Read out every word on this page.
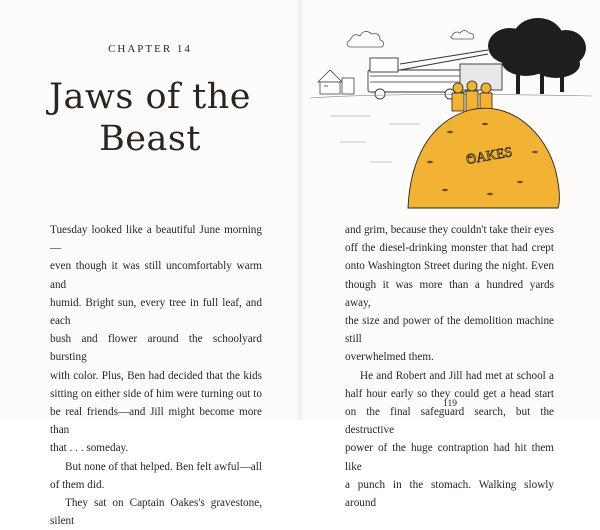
CHAPTER 14
Jaws of the
Beast

Tuesday looked like a beautiful June morning—

even though it was still uncomfortably warm and

humid. Bright sun, every tree in full leaf, and each

bush and flower around the schoolyard bursting

with color. Plus, Ben had decided that the kids

sitting on either side of him were turning out to

be real friends—and Jill might become more than

that . . . someday.

But none of that helped. Ben felt awful—all

of them did.

They sat on Captain Oakes's gravestone, silent

OAKES

and grim, because they couldn't take their eyes

off the diesel-drinking monster that had crept

onto Washington Street during the night. Even

though it was more than a hundred yards away,

the size and power of the demolition machine still

overwhelmed them.

He and Robert and Jill had met at school a

half hour early so they could get a head start

on the final safeguard search, but the destructive

power of the huge contraption had hit them like

a punch in the stomach. Walking slowly around

119
